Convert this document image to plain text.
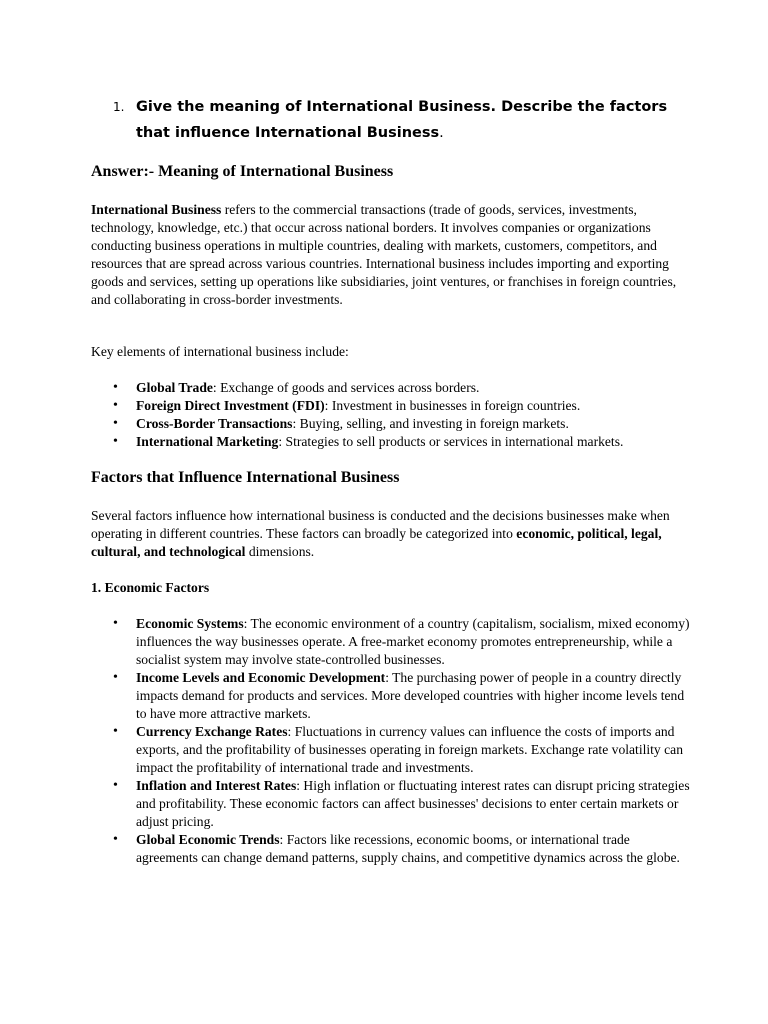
1. Give the meaning of International Business. Describe the factors that influence International Business.
Answer:- Meaning of International Business

International Business refers to the commercial transactions (trade of goods, services, investments, technology, knowledge, etc.) that occur across national borders. It involves companies or organizations conducting business operations in multiple countries, dealing with markets, customers, competitors, and resources that are spread across various countries. International business includes importing and exporting goods and services, setting up operations like subsidiaries, joint ventures, or franchises in foreign countries, and collaborating in cross-border investments.

Key elements of international business include:

• Global Trade: Exchange of goods and services across borders.
• Foreign Direct Investment (FDI): Investment in businesses in foreign countries.
• Cross-Border Transactions: Buying, selling, and investing in foreign markets.
• International Marketing: Strategies to sell products or services in international markets.
Factors that Influence International Business

Several factors influence how international business is conducted and the decisions businesses make when operating in different countries. These factors can broadly be categorized into economic, political, legal, cultural, and technological dimensions.

1. Economic Factors

• Economic Systems: The economic environment of a country (capitalism, socialism, mixed economy) influences the way businesses operate. A free-market economy promotes entrepreneurship, while a socialist system may involve state-controlled businesses.
• Income Levels and Economic Development: The purchasing power of people in a country directly impacts demand for products and services. More developed countries with higher income levels tend to have more attractive markets.
• Currency Exchange Rates: Fluctuations in currency values can influence the costs of imports and exports, and the profitability of businesses operating in foreign markets. Exchange rate volatility can impact the profitability of international trade and investments.
• Inflation and Interest Rates: High inflation or fluctuating interest rates can disrupt pricing strategies and profitability. These economic factors can affect businesses' decisions to enter certain markets or adjust pricing.
• Global Economic Trends: Factors like recessions, economic booms, or international trade agreements can change demand patterns, supply chains, and competitive dynamics across the globe.
